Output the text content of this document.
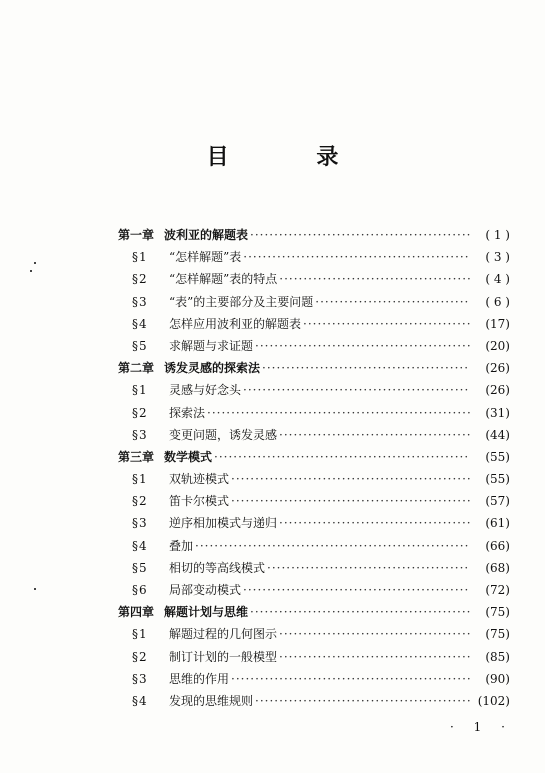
目 录
第一章 波利亚的解题表 ·····	( 1 )
§1	“怎样解题”表 ·····	( 3 )
§2	“怎样解题”表的特点 ·····	( 4 )
§3	“表”的主要部分及主要问题 ·····	( 6 )
§4	怎样应用波利亚的解题表 ·····	(17)
§5	求解题与求证题 ·····	(20)
第二章 诱发灵感的探索法 ·····	(26)
§1	灵感与好念头 ·····	(26)
§2	探索法 ·····	(31)
§3	变更问题，诱发灵感 ·····	(44)
第三章 数学模式 ·····	(55)
§1	双轨迹模式 ·····	(55)
§2	笛卡尔模式 ·····	(57)
§3	逆序相加模式与递归 ·····	(61)
§4	叠加 ·····	(66)
§5	相切的等高线模式 ·····	(68)
§6	局部变动模式 ·····	(72)
第四章 解题计划与思维 ·····	(75)
§1	解题过程的几何图示 ·····	(75)
§2	制订计划的一般模型 ·····	(85)
§3	思维的作用 ·····	(90)
§4	发现的思维规则 ·····	(102)
· 1 ·
